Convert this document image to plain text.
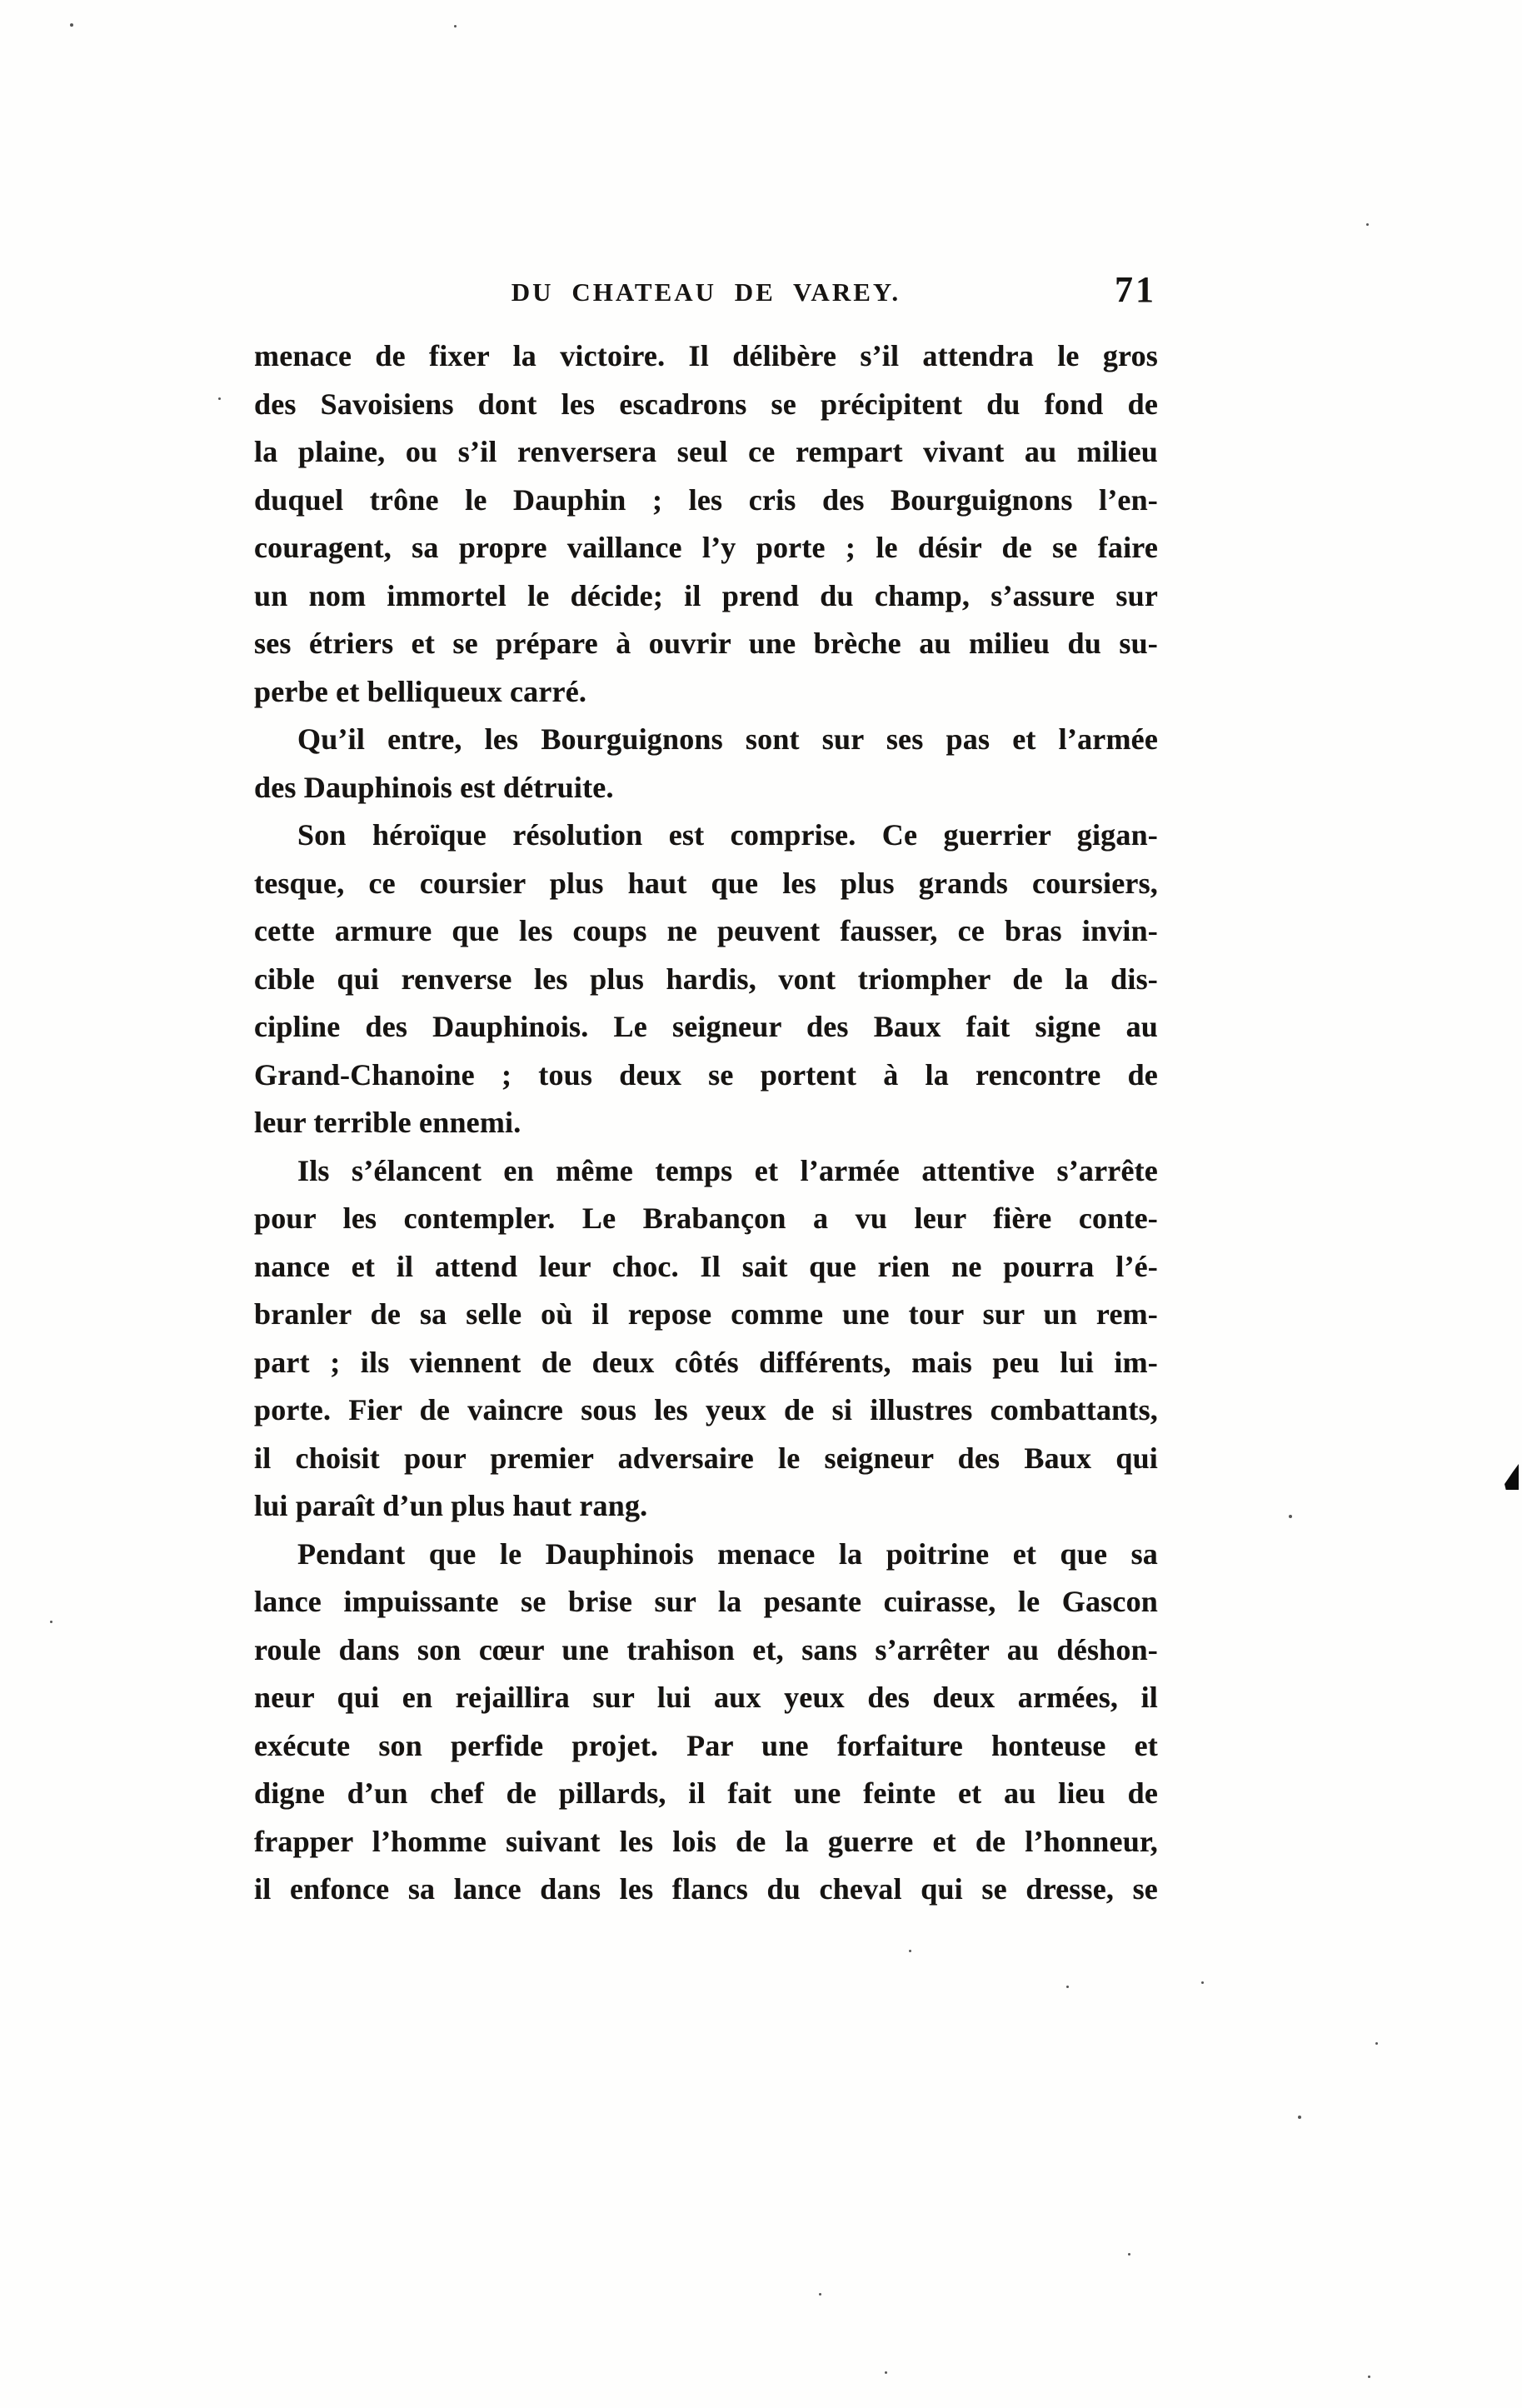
DU CHATEAU DE VAREY.	71
menace de fixer la victoire. Il délibère s’il attendra le gros
des Savoisiens dont les escadrons se précipitent du fond de
la plaine, ou s’il renversera seul ce rempart vivant au milieu
duquel trône le Dauphin ; les cris des Bourguignons l’en-
couragent, sa propre vaillance l’y porte ; le désir de se faire
un nom immortel le décide; il prend du champ, s’assure sur
ses étriers et se prépare à ouvrir une brèche au milieu du su-
perbe et belliqueux carré.
Qu’il entre, les Bourguignons sont sur ses pas et l’armée
des Dauphinois est détruite.
Son héroïque résolution est comprise. Ce guerrier gigan-
tesque, ce coursier plus haut que les plus grands coursiers,
cette armure que les coups ne peuvent fausser, ce bras invin-
cible qui renverse les plus hardis, vont triompher de la dis-
cipline des Dauphinois. Le seigneur des Baux fait signe au
Grand-Chanoine ; tous deux se portent à la rencontre de
leur terrible ennemi.
Ils s’élancent en même temps et l’armée attentive s’arrête
pour les contempler. Le Brabançon a vu leur fière conte-
nance et il attend leur choc. Il sait que rien ne pourra l’é-
branler de sa selle où il repose comme une tour sur un rem-
part ; ils viennent de deux côtés différents, mais peu lui im-
porte. Fier de vaincre sous les yeux de si illustres combattants,
il choisit pour premier adversaire le seigneur des Baux qui
lui paraît d’un plus haut rang.
Pendant que le Dauphinois menace la poitrine et que sa
lance impuissante se brise sur la pesante cuirasse, le Gascon
roule dans son cœur une trahison et, sans s’arrêter au déshon-
neur qui en rejaillira sur lui aux yeux des deux armées, il
exécute son perfide projet. Par une forfaiture honteuse et
digne d’un chef de pillards, il fait une feinte et au lieu de
frapper l’homme suivant les lois de la guerre et de l’honneur,
il enfonce sa lance dans les flancs du cheval qui se dresse, se
